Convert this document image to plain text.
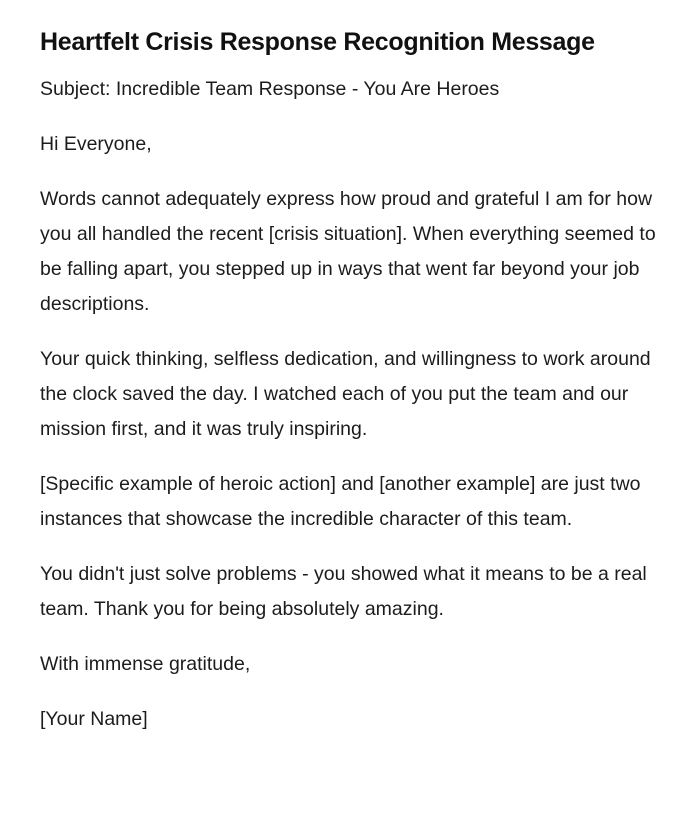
Heartfelt Crisis Response Recognition Message

Subject: Incredible Team Response - You Are Heroes

Hi Everyone,

Words cannot adequately express how proud and grateful I am for how you all handled the recent [crisis situation]. When everything seemed to be falling apart, you stepped up in ways that went far beyond your job descriptions.

Your quick thinking, selfless dedication, and willingness to work around the clock saved the day. I watched each of you put the team and our mission first, and it was truly inspiring.

[Specific example of heroic action] and [another example] are just two instances that showcase the incredible character of this team.

You didn't just solve problems - you showed what it means to be a real team. Thank you for being absolutely amazing.

With immense gratitude,

[Your Name]
